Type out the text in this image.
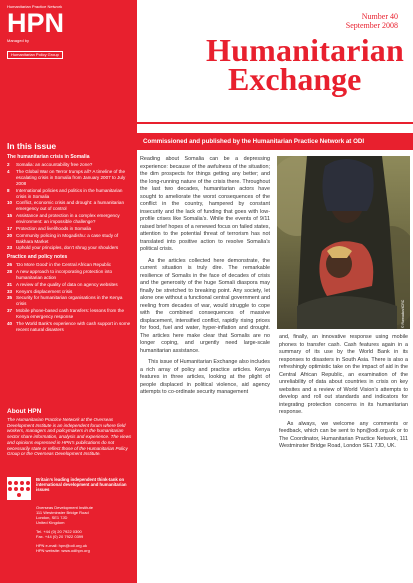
Humanitarian Practice Network
HPN
Managed by
Humanitarian Policy Group
In this issue
The humanitarian crisis in Somalia
2	Somalia: an accountability free zone?
4	The Global War on Terror trumps all? A timeline of the escalating crisis in Somalia from January 2007 to July 2008
8	International policies and politics in the humanitarian crisis in Somalia
10 Conflict, economic crisis and drought: a humanitarian emergency out of control
15 Assistance and protection in a complex emergency environment: an impossible challenge?
17 Protection and livelihoods in Somalia
20 Community policing in Mogadishu: a case study of Bakhara Market
23 Uphold your principles, don’t shrug your shoulders
Practice and policy notes
26 ‘Do More Good’ in the Central African Republic
28 A new approach to incorporating protection into humanitarian action
31 A review of the quality of data on agency websites
33 Kenya’s displacement crisis
35 Security for humanitarian organisations in the Kenya crisis
37 Mobile phone-based cash transfers: lessons from the Kenya emergency response
40 The World Bank’s experience with cash support in some recent natural disasters
About HPN

The Humanitarian Practice Network at the Overseas Development Institute is an independent forum where field workers, managers and policymakers in the humanitarian sector share information, analysis and experience. The views and opinions expressed in HPN’s publications do not necessarily state or reflect those of the Humanitarian Policy Group or the Overseas Development Institute.

Britain’s leading independent think-tank on international development and humanitarian issues
Overseas Development Institute
111 Westminster Bridge Road
London, SE1 7JD
United Kingdom
Tel. +44 (0) 20 7922 0300
Fax. +44 (0) 20 7922 0399
HPN e-mail: hpn@odi.org.uk
HPN website: www.odihpn.org
Number 40
September 2008
Humanitarian
Exchange
Commissioned and published by the Humanitarian Practice Network at ODI

Reading about Somalia can be a depressing experience: because of the awfulness of the situation; the dim prospects for things getting any better; and the long-running nature of the crisis there. Throughout the last two decades, humanitarian actors have sought to ameliorate the worst consequences of the conflict in the country, hampered by constant insecurity and the lack of funding that goes with low-profile crises like Somalia’s. While the events of 9/11 raised brief hopes of a renewed focus on failed states, attention to the potential threat of terrorism has not translated into positive action to resolve Somalia’s political crisis.

As the articles collected here demonstrate, the current situation is truly dire. The remarkable resilience of Somalis in the face of decades of crisis and the generosity of the huge Somali diaspora may finally be stretched to breaking point. Any society, let alone one without a functional central government and reeling from decades of war, would struggle to cope with the combined consequences of massive displacement, intensified conflict, rapidly rising prices for food, fuel and water, hyper-inflation and drought. The articles here make clear that Somalis are no longer coping, and urgently need large-scale humanitarian assistance.

This issue of Humanitarian Exchange also includes a rich array of policy and practice articles. Kenya features in three articles, looking at the plight of people displaced in political violence, aid agency attempts to co-ordinate security management

© Ramadan/ICRC

and, finally, an innovative response using mobile phones to transfer cash. Cash features again in a summary of its use by the World Bank in its responses to disasters in South Asia. There is also a refreshingly optimistic take on the impact of aid in the Central African Republic, an examination of the unreliability of data about countries in crisis on key websites and a review of World Vision’s attempts to develop and roll out standards and indicators for integrating protection concerns in its humanitarian response.

As always, we welcome any comments or feedback, which can be sent to hpn@odi.org.uk or to The Coordinator, Humanitarian Practice Network, 111 Westminster Bridge Road, London SE1 7JD, UK.
